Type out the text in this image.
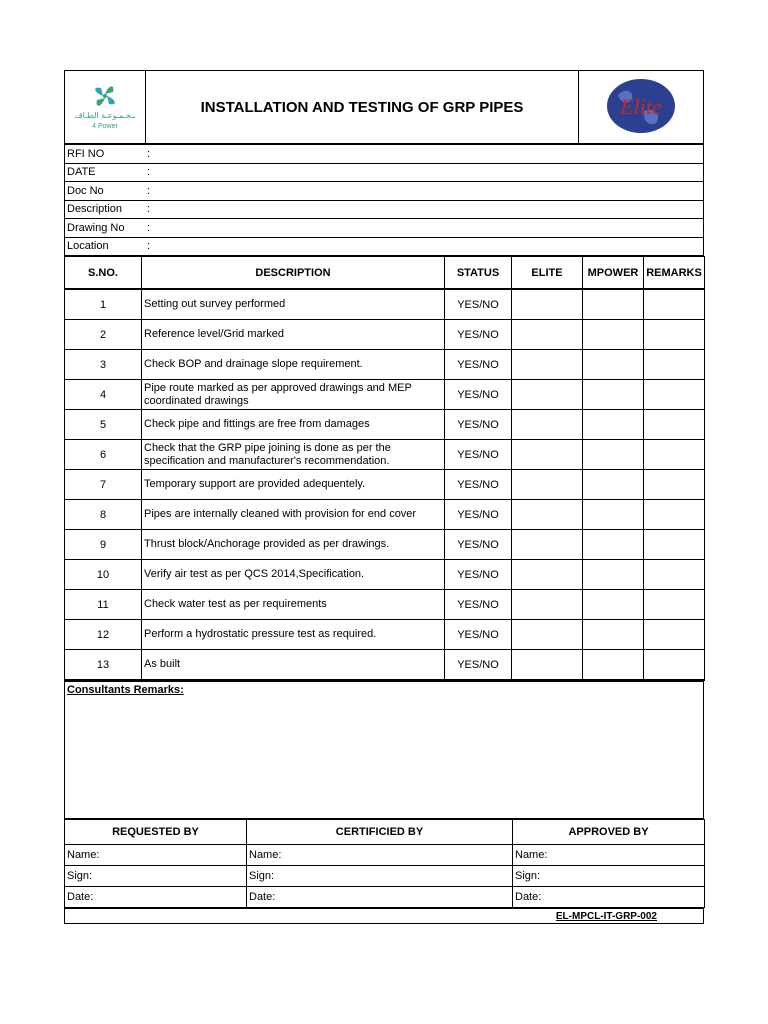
مـجـمـوعـة الطـاقـة
4 Power
	INSTALLATION AND TESTING OF GRP PIPES	Elite
RFI NO	:
DATE	:
Doc No	:
Description :
Drawing No :
Location	:
S.NO.	DESCRIPTION	STATUS	ELITE	MPOWER	REMARKS
1	Setting out survey performed	YES/NO			
2	Reference level/Grid marked	YES/NO			
3	Check BOP and drainage slope requirement.	YES/NO			
4	Pipe route marked as per approved drawings and MEP coordinated drawings	YES/NO			
5	Check pipe and fittings are free from damages	YES/NO			
6	Check that the GRP pipe joining is done as per the specification and manufacturer's recommendation.	YES/NO			
7	Temporary support are provided adequentely.	YES/NO			
8	Pipes are internally cleaned with provision for end cover	YES/NO			
9	Thrust block/Anchorage provided as per drawings.	YES/NO			
10	Verify air test as per QCS 2014,Specification.	YES/NO			
11	Check water test as per requirements	YES/NO			
12	Perform a hydrostatic pressure test as required.	YES/NO			
13	As built	YES/NO			
Consultants Remarks:
REQUESTED BY	CERTIFICIED BY	APPROVED BY
Name:	Name:	Name:
Sign:	Sign:	Sign:
Date:	Date:	Date:
EL-MPCL-IT-GRP-002
